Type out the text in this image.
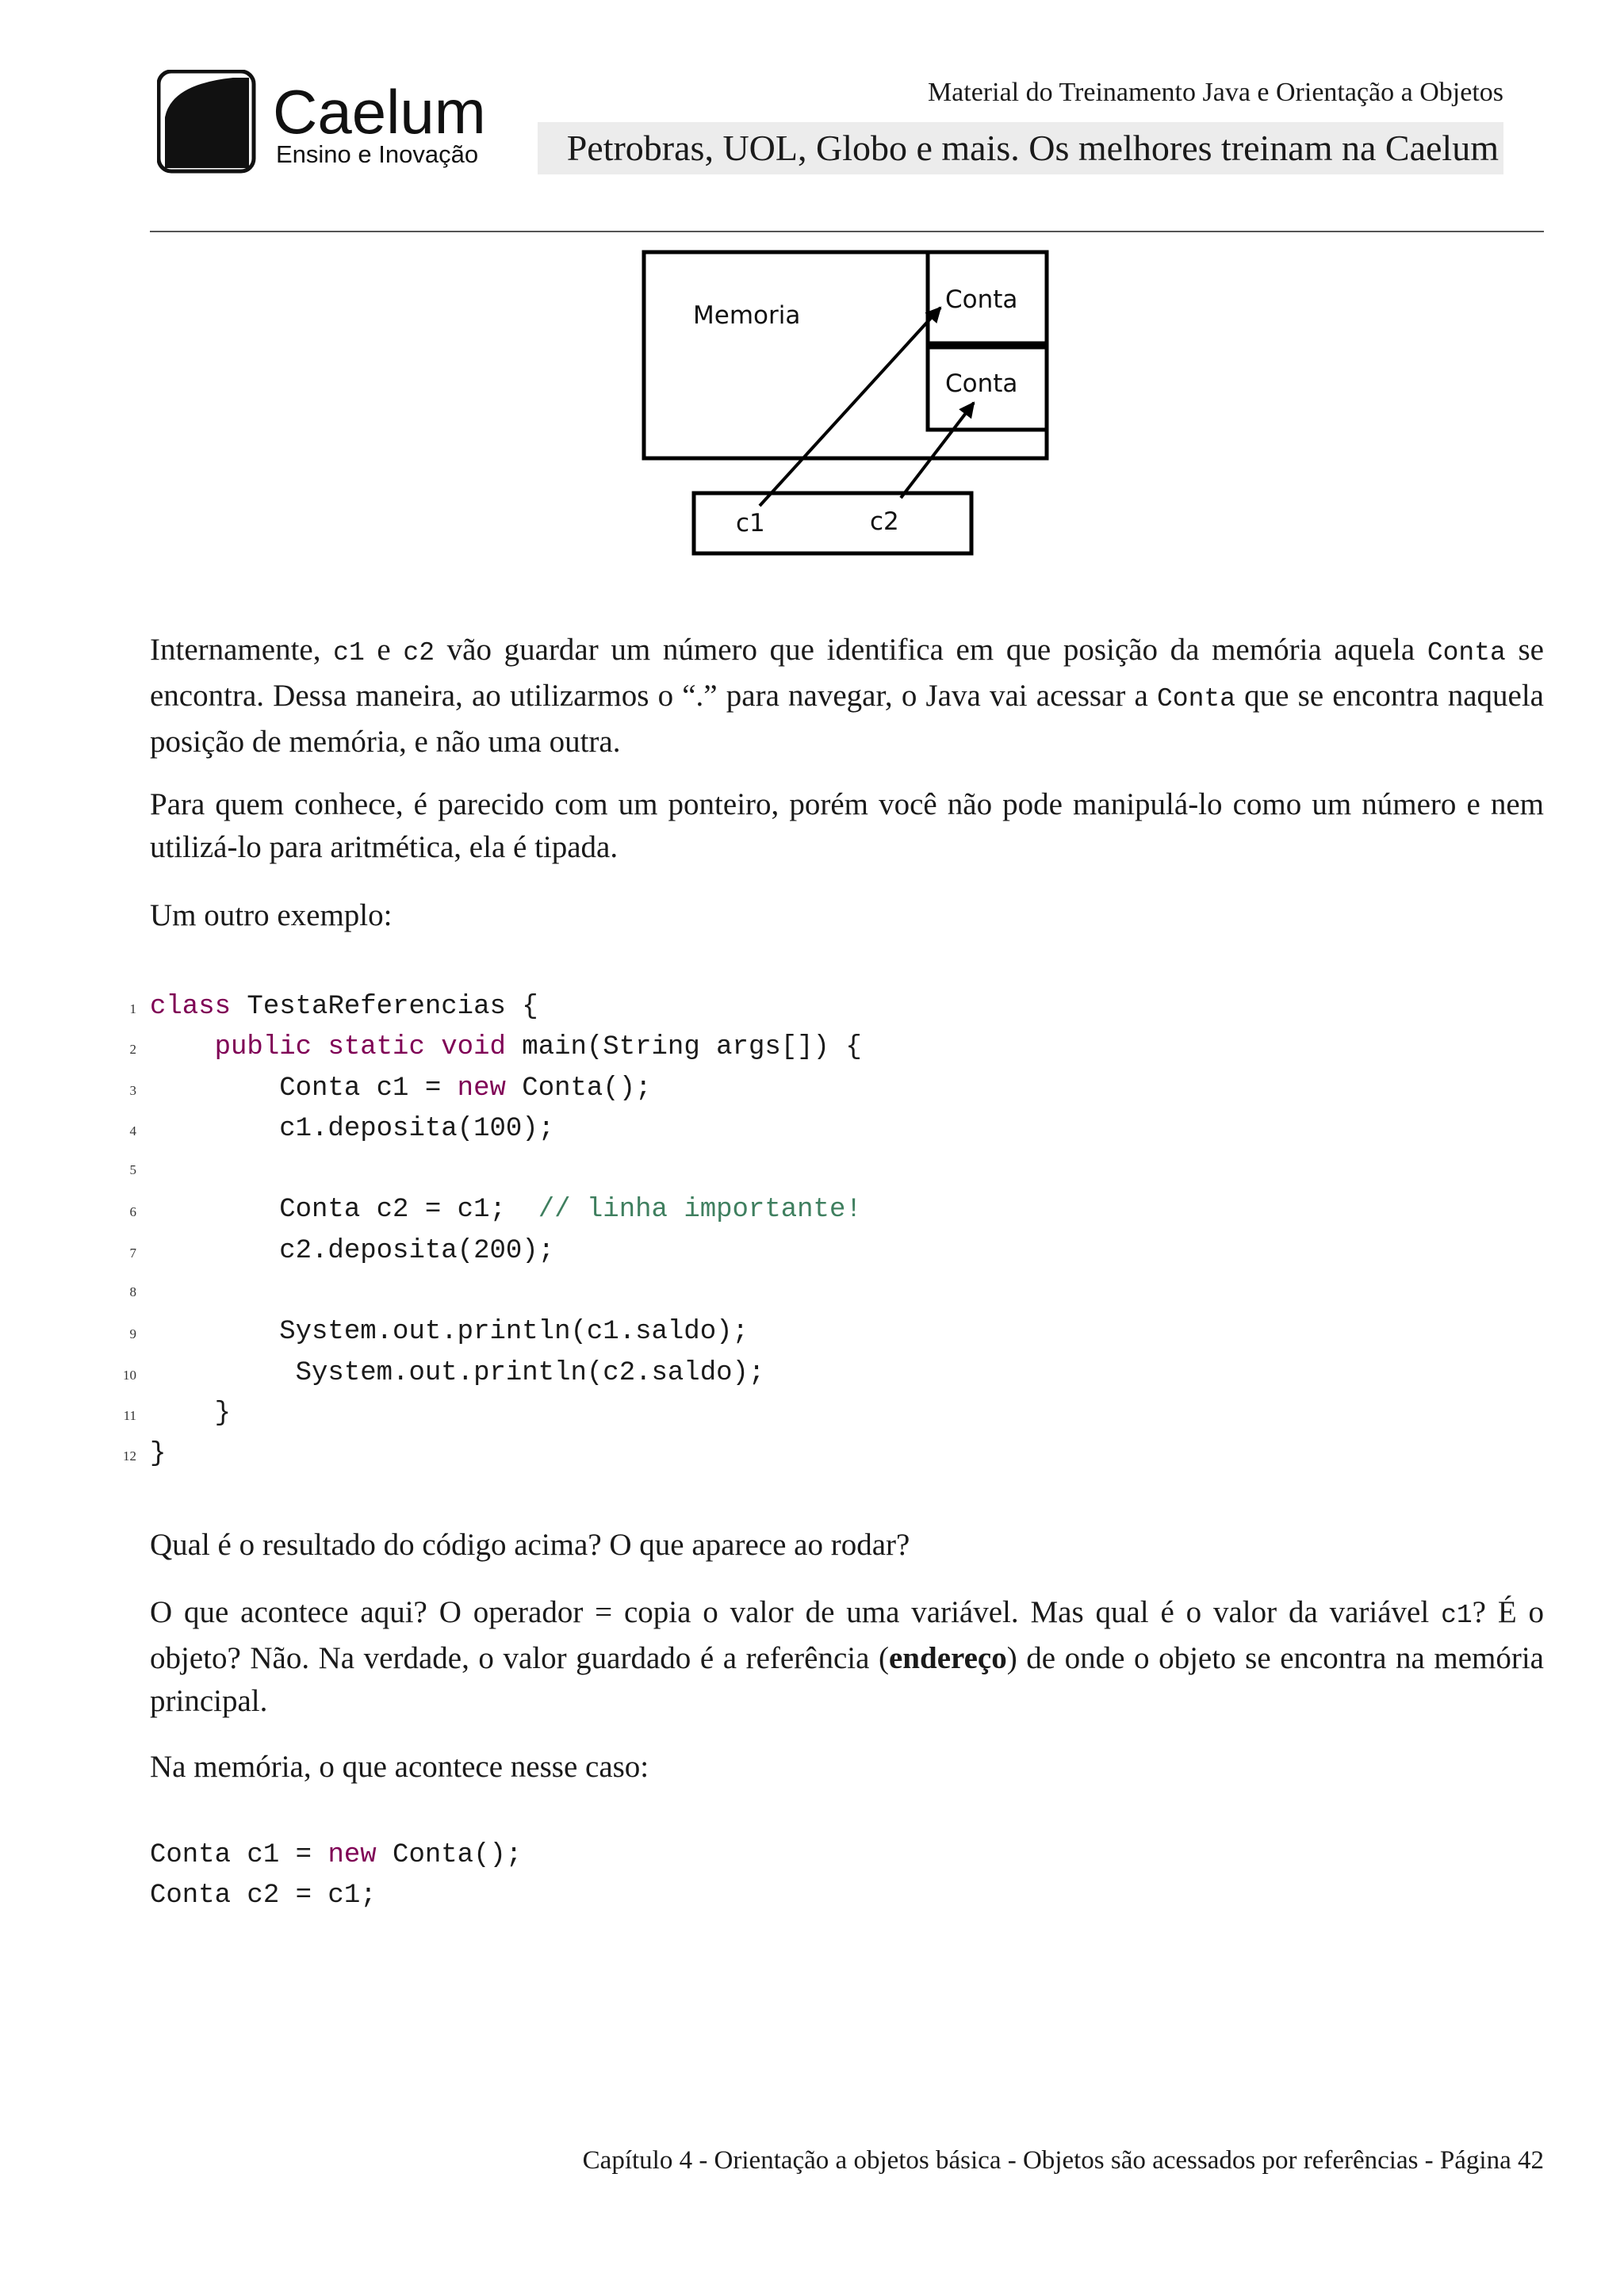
* Caelum
Ensino e Inovação
Material do Treinamento Java e Orientação a Objetos
Petrobras, UOL, Globo e mais. Os melhores treinam na Caelum
Memoria
Conta
Conta
c1	c2

Internamente, c1 e c2 vão guardar um número que identifica em que posição da memória aquela Conta se encontra. Dessa maneira, ao utilizarmos o “.” para navegar, o Java vai acessar a Conta que se encontra naquela posição de memória, e não uma outra.

Para quem conhece, é parecido com um ponteiro, porém você não pode manipulá-lo como um número e nem utilizá-lo para aritmética, ela é tipada.

Um outro exemplo:

1 class TestaReferencias {
2	public static void main(String args[]) {
3 Conta c1 = new Conta();
4 c1.deposita(100);
5
6 Conta c2 = c1;  // linha importante!
7 c2.deposita(200);
8
9 System.out.println(c1.saldo);
10 System.out.println(c2.saldo);
11 }
12 }

Qual é o resultado do código acima? O que aparece ao rodar?

O que acontece aqui? O operador = copia o valor de uma variável. Mas qual é o valor da variável c1? É o objeto? Não. Na verdade, o valor guardado é a referência (endereço) de onde o objeto se encontra na memória principal.

Na memória, o que acontece nesse caso:

Conta c1 = new Conta();
Conta c2 = c1;
Capítulo 4 - Orientação a objetos básica - Objetos são acessados por referências - Página 42
